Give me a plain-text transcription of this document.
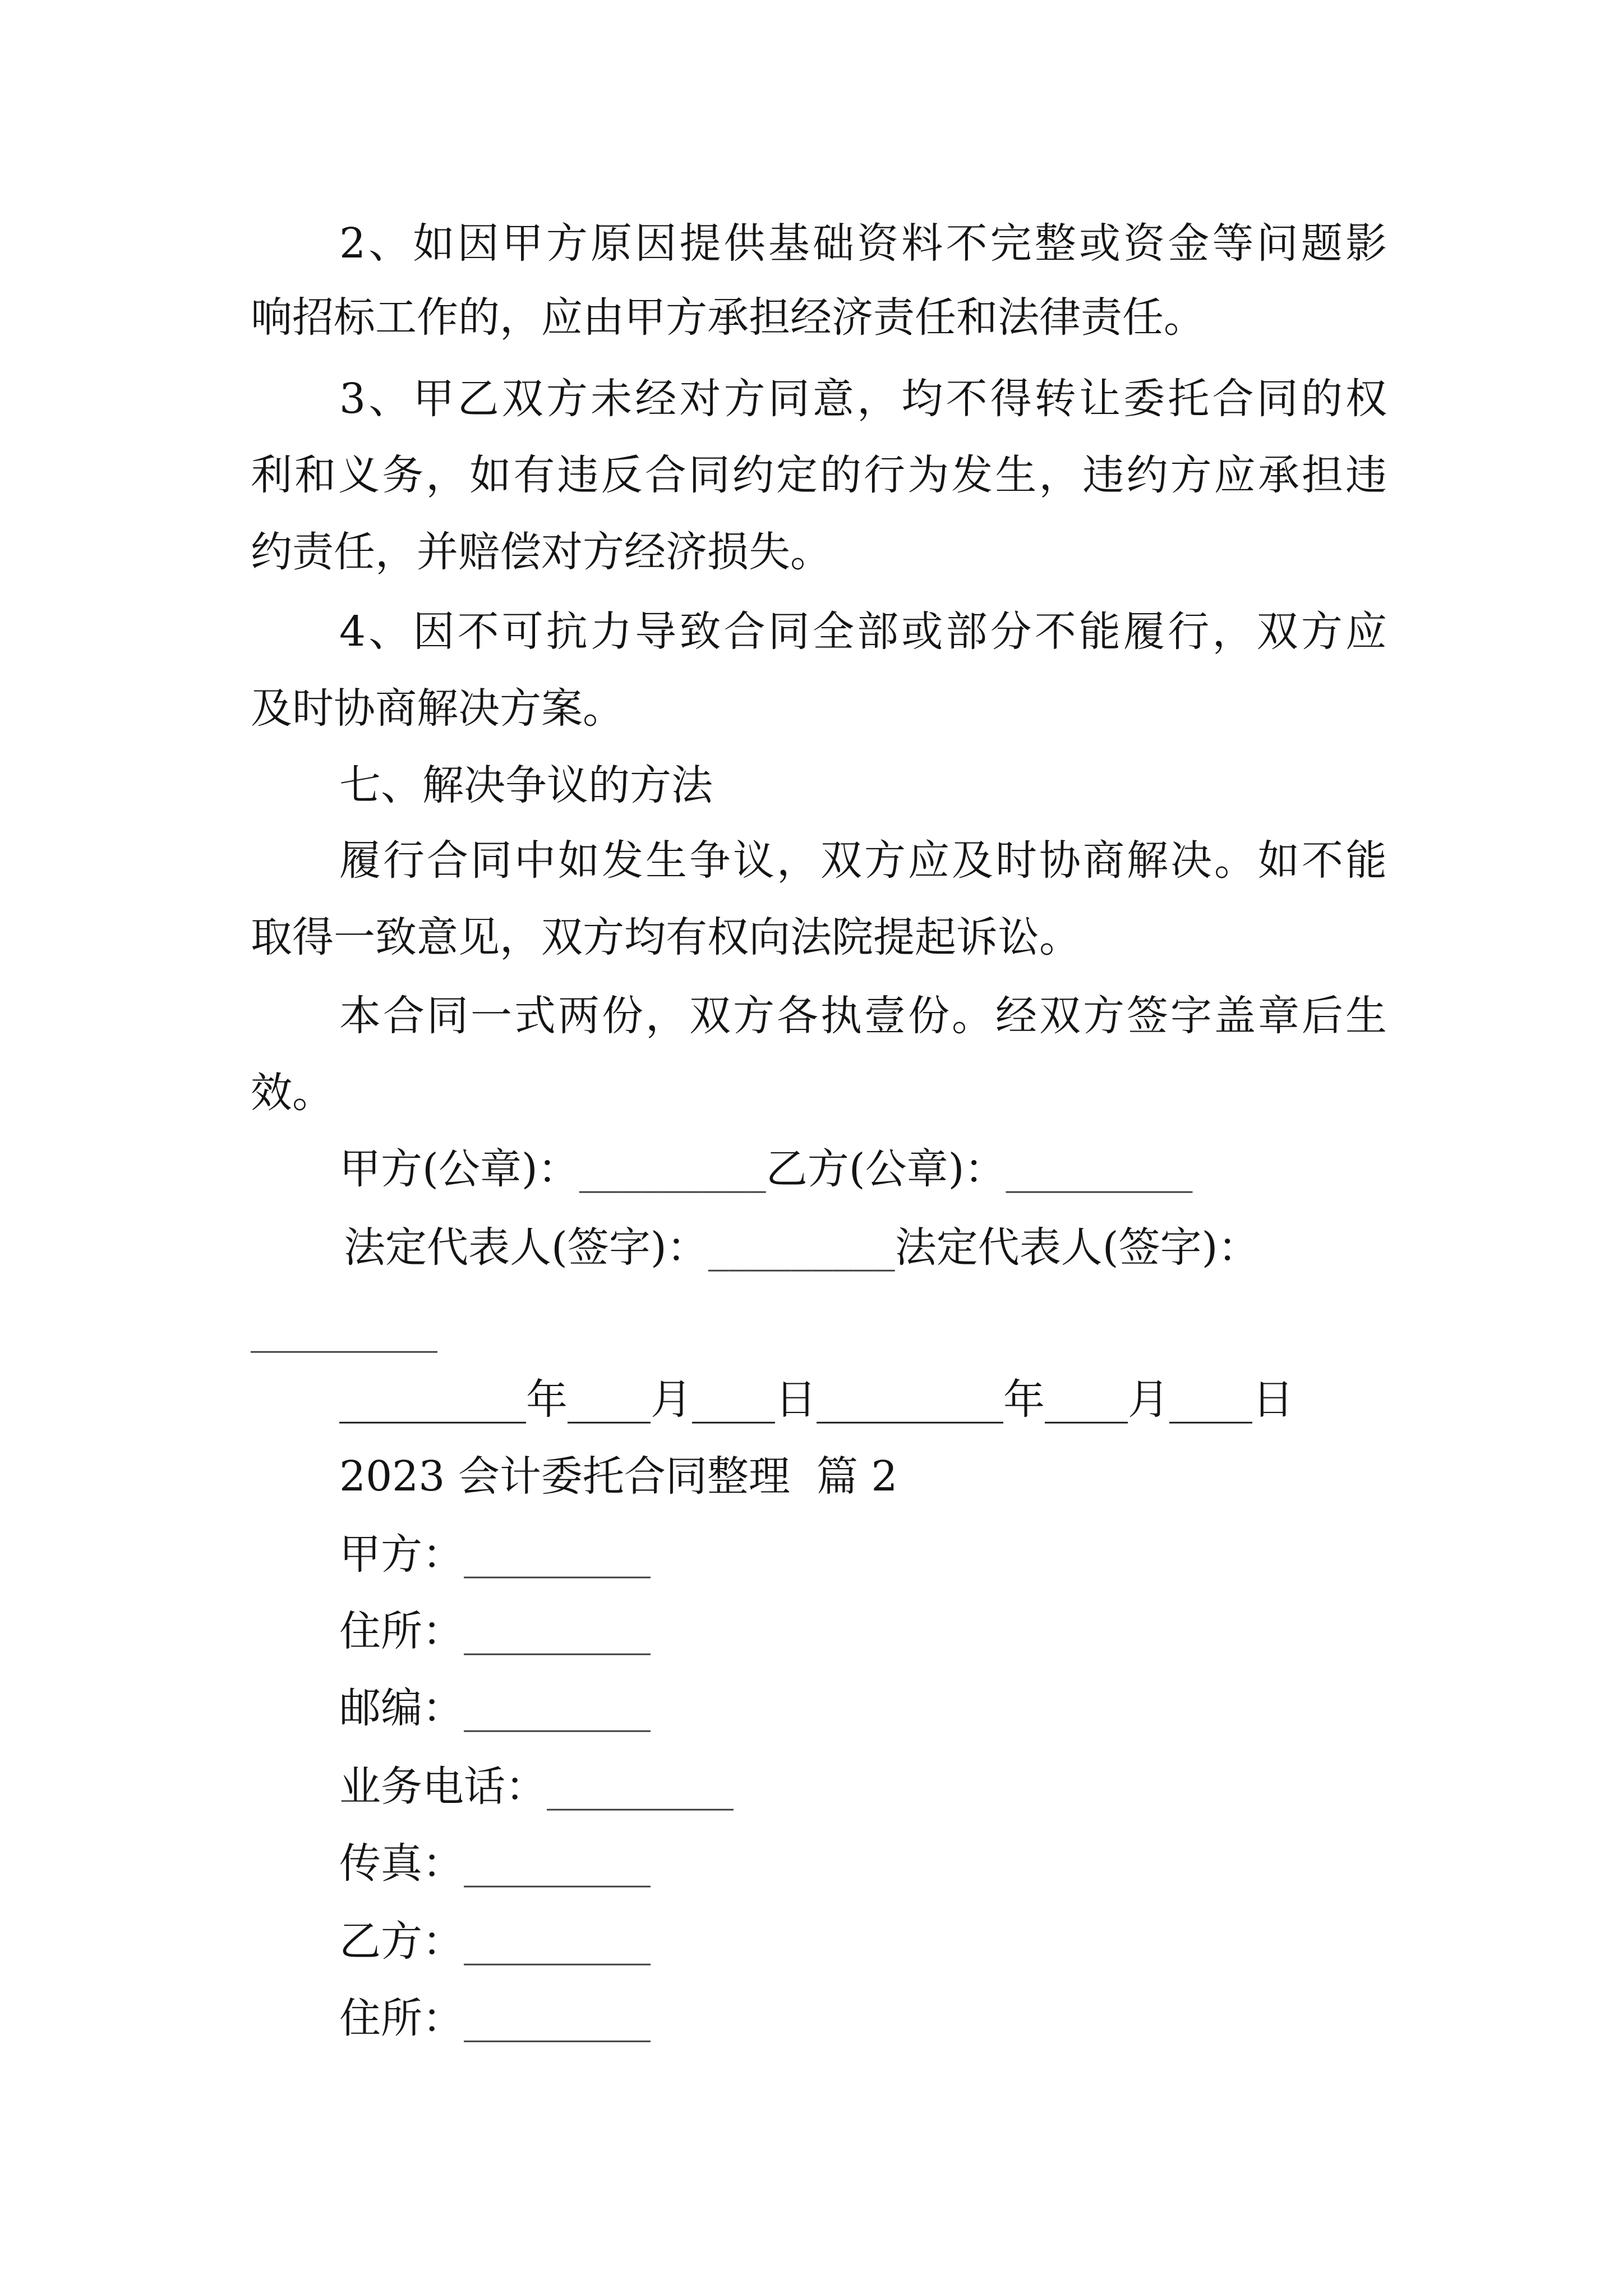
2、如因甲方原因提供基础资料不完整或资金等问题影
响招标工作的，应由甲方承担经济责任和法律责任。
3、甲乙双方未经对方同意，均不得转让委托合同的权
利和义务，如有违反合同约定的行为发生，违约方应承担违
约责任，并赔偿对方经济损失。
4、因不可抗力导致合同全部或部分不能履行，双方应
及时协商解决方案。
七、解决争议的方法
履行合同中如发生争议，双方应及时协商解决。如不能
取得一致意见，双方均有权向法院提起诉讼。
本合同一式两份，双方各执壹份。经双方签字盖章后生
效。
甲方(公章)：_________乙方(公章)：_________
法定代表人(签字)：_________法定代表人(签字)：
_________
_________年____月____日_________年____月____日
2023 会计委托合同整理  篇 2
甲方：_________
住所：_________
邮编：_________
业务电话：_________
传真：_________
乙方：_________
住所：_________
